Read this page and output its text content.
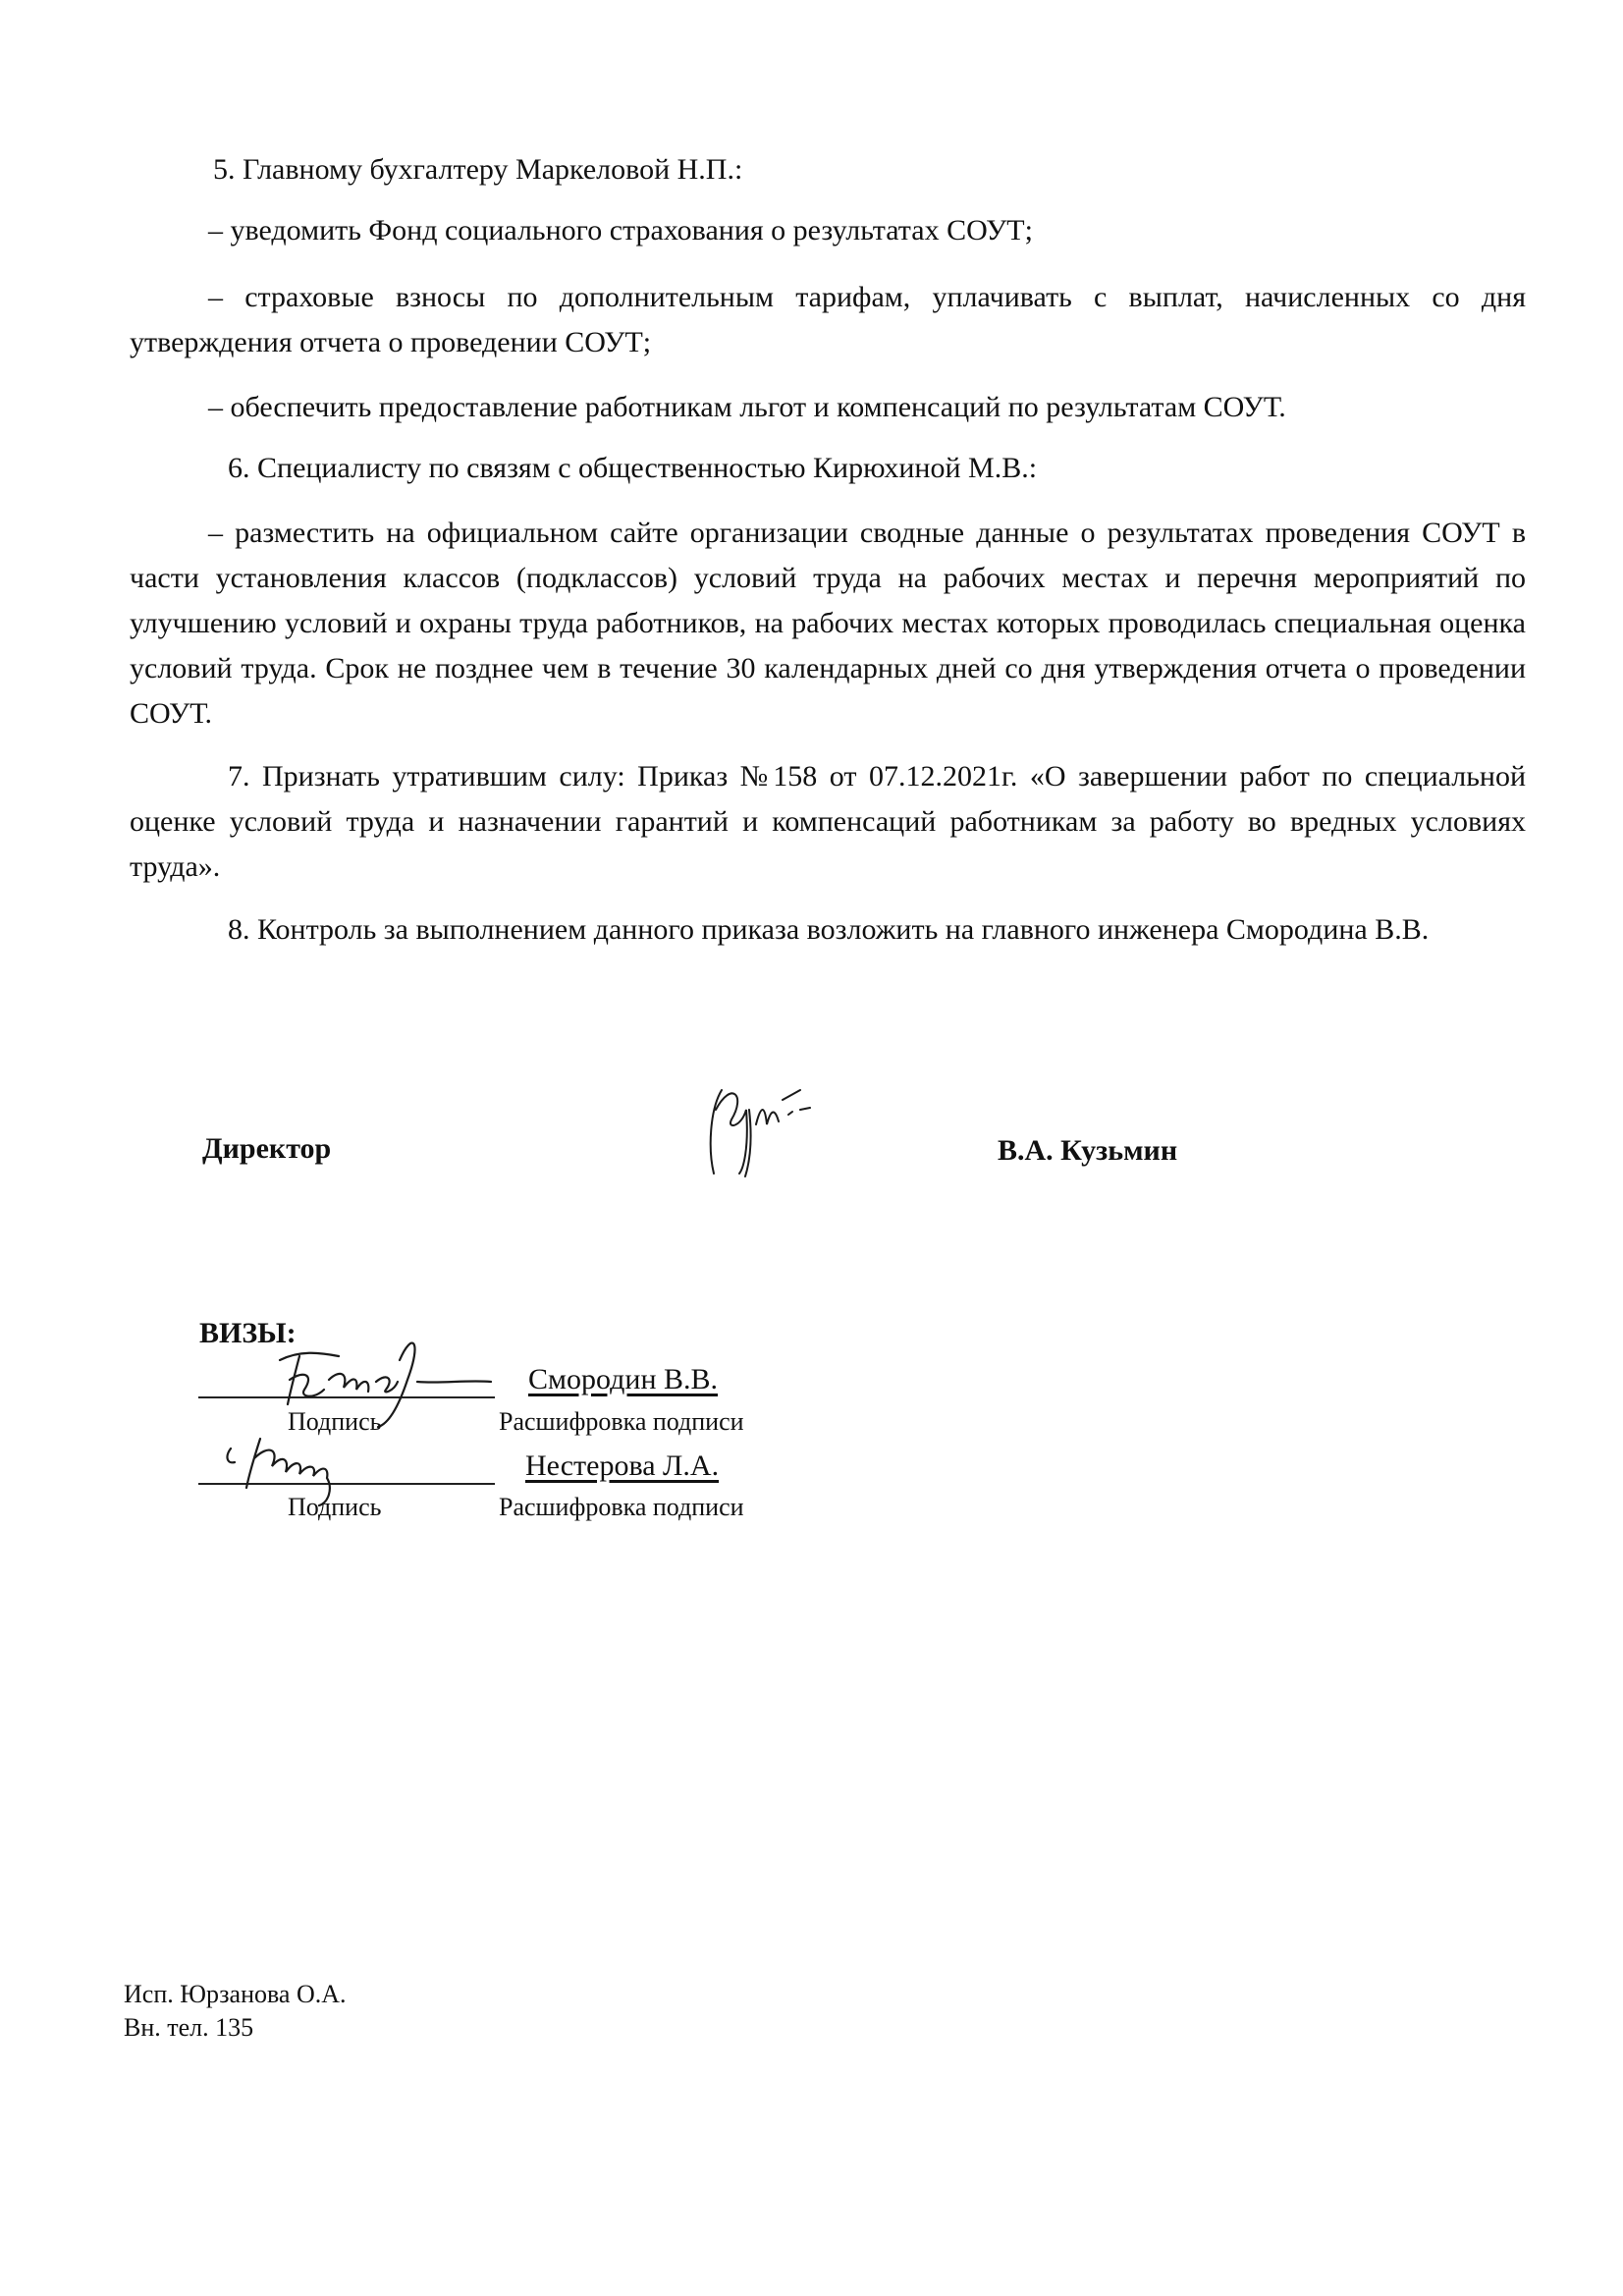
5. Главному бухгалтеру Маркеловой Н.П.:

– уведомить Фонд социального страхования о результатах СОУТ;

– страховые взносы по дополнительным тарифам, уплачивать с выплат, начисленных со дня утверждения отчета о проведении СОУТ;

– обеспечить предоставление работникам льгот и компенсаций по результатам СОУТ.

6. Специалисту по связям с общественностью Кирюхиной М.В.:

– разместить на официальном сайте организации сводные данные о результатах проведения СОУТ в части установления классов (подклассов) условий труда на рабочих местах и перечня мероприятий по улучшению условий и охраны труда работников, на рабочих местах которых проводилась специальная оценка условий труда. Срок не позднее чем в течение 30 календарных дней со дня утверждения отчета о проведении СОУТ.

7. Признать утратившим силу: Приказ №158 от 07.12.2021г. «О завершении работ по специальной оценке условий труда и назначении гарантий и компенсаций работникам за работу во вредных условиях труда».

8. Контроль за выполнением данного приказа возложить на главного инженера Смородина В.В.

Директор	В.А. Кузьмин
ВИЗЫ:
Смородин В.В.
Подпись	Расшифровка подписи
Нестерова Л.А.
Подпись	Расшифровка подписи
Исп. Юрзанова О.А.
Вн. тел. 135
